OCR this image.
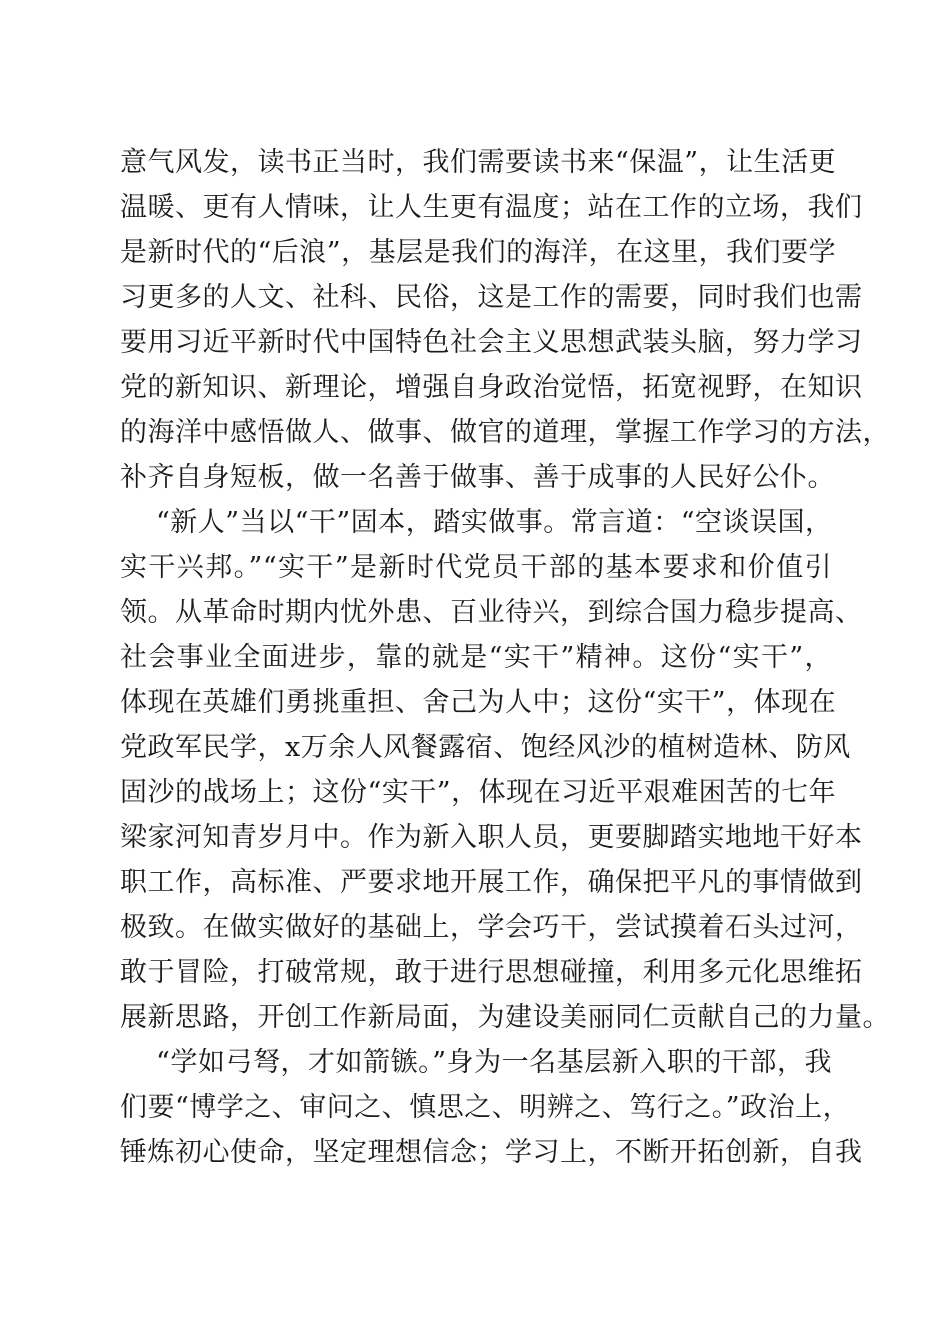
意气风发，读书正当时，我们需要读书来“保温”，让生活更
温暖、更有人情味，让人生更有温度；站在工作的立场，我们
是新时代的“后浪”，基层是我们的海洋，在这里，我们要学
习更多的人文、社科、民俗，这是工作的需要，同时我们也需
要用习近平新时代中国特色社会主义思想武装头脑，努力学习
党的新知识、新理论，增强自身政治觉悟，拓宽视野，在知识
的海洋中感悟做人、做事、做官的道理，掌握工作学习的方法，
补齐自身短板，做一名善于做事、善于成事的人民好公仆。
“新人”当以“干”固本，踏实做事。常言道：“空谈误国，
实干兴邦。”“实干”是新时代党员干部的基本要求和价值引
领。从革命时期内忧外患、百业待兴，到综合国力稳步提高、
社会事业全面进步，靠的就是“实干”精神。这份“实干”，
体现在英雄们勇挑重担、舍己为人中；这份“实干”，体现在
党政军民学，x万余人风餐露宿、饱经风沙的植树造林、防风
固沙的战场上；这份“实干”，体现在习近平艰难困苦的七年
梁家河知青岁月中。作为新入职人员，更要脚踏实地地干好本
职工作，高标准、严要求地开展工作，确保把平凡的事情做到
极致。在做实做好的基础上，学会巧干，尝试摸着石头过河，
敢于冒险，打破常规，敢于进行思想碰撞，利用多元化思维拓
展新思路，开创工作新局面，为建设美丽同仁贡献自己的力量。
“学如弓弩，才如箭镞。”身为一名基层新入职的干部，我
们要“博学之、审问之、慎思之、明辨之、笃行之。”政治上，
锤炼初心使命，坚定理想信念；学习上，不断开拓创新，自我
